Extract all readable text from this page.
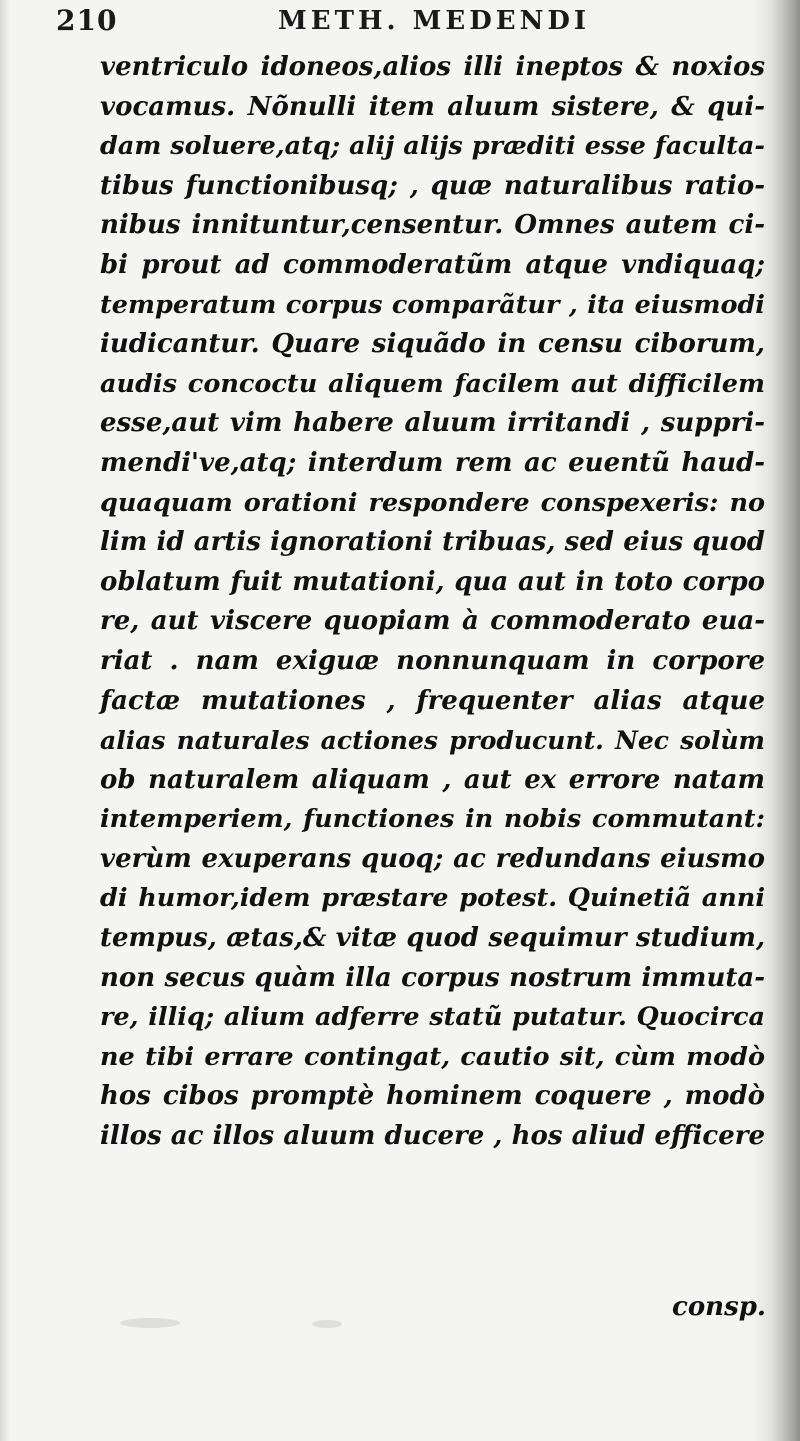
210	METH. MEDENDI
ventriculo idoneos,alios illi ineptos & noxios
vocamus. Nõnulli item aluum sistere, & qui-
dam soluere,atq; alij alijs præditi esse faculta-
tibus functionibusq; , quæ naturalibus ratio-
nibus innituntur,censentur. Omnes autem ci-
bi prout ad commoderatũm atque vndiquaq;
temperatum corpus comparãtur , ita eiusmodi
iudicantur. Quare siquãdo in censu ciborum,
audis concoctu aliquem facilem aut difficilem
esse,aut vim habere aluum irritandi , suppri-
mendi've,atq; interdum rem ac euentũ haud-
quaquam orationi respondere conspexeris: no
lim id artis ignorationi tribuas, sed eius quod
oblatum fuit mutationi, qua aut in toto corpo
re, aut viscere quopiam à commoderato eua-
riat . nam exiguæ nonnunquam in corpore
factæ mutationes , frequenter alias atque
alias naturales actiones producunt. Nec solùm
ob naturalem aliquam , aut ex errore natam
intemperiem, functiones in nobis commutant:
verùm exuperans quoq; ac redundans eiusmo
di humor,idem præstare potest. Quinetiã anni
tempus, ætas,& vitæ quod sequimur studium,
non secus quàm illa corpus nostrum immuta-
re, illiq; alium adferre statũ putatur. Quocirca
ne tibi errare contingat, cautio sit, cùm modò
hos cibos promptè hominem coquere , modò
illos ac illos aluum ducere , hos aliud efficere
consp.
